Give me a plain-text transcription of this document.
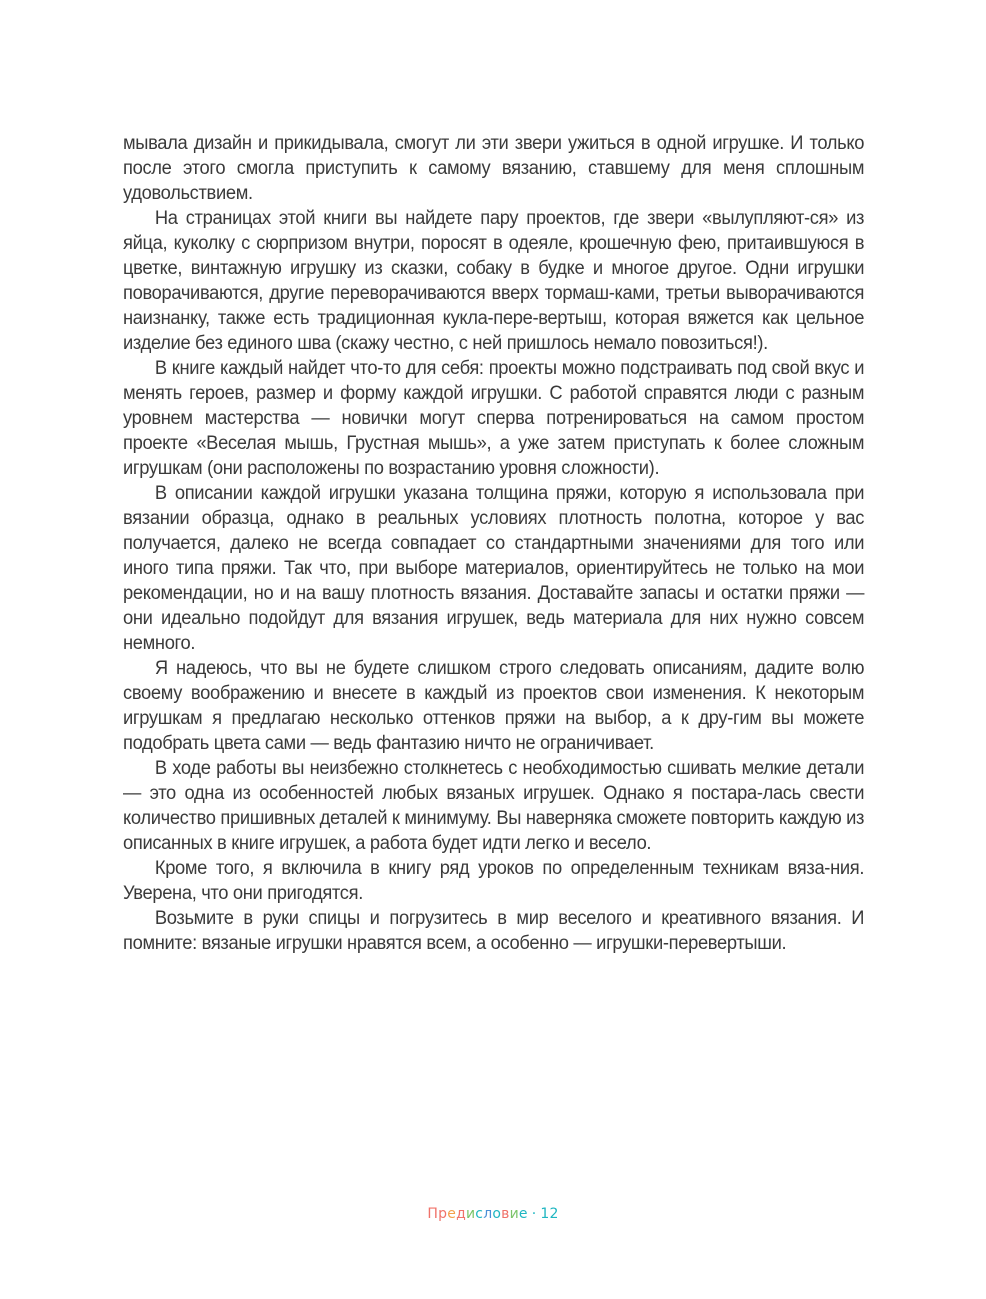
мывала дизайн и прикидывала, смогут ли эти звери ужиться в одной игрушке. И только после этого смогла приступить к самому вязанию, ставшему для меня сплошным удовольствием.

На страницах этой книги вы найдете пару проектов, где звери «вылупляют-ся» из яйца, куколку с сюрпризом внутри, поросят в одеяле, крошечную фею, притаившуюся в цветке, винтажную игрушку из сказки, собаку в будке и многое другое. Одни игрушки поворачиваются, другие переворачиваются вверх тормаш-ками, третьи выворачиваются наизнанку, также есть традиционная кукла-пере-вертыш, которая вяжется как цельное изделие без единого шва (скажу честно, с ней пришлось немало повозиться!).

В книге каждый найдет что-то для себя: проекты можно подстраивать под свой вкус и менять героев, размер и форму каждой игрушки. С работой справятся люди с разным уровнем мастерства — новички могут сперва потренироваться на самом простом проекте «Веселая мышь, Грустная мышь», а уже затем приступать к более сложным игрушкам (они расположены по возрастанию уровня сложности).

В описании каждой игрушки указана толщина пряжи, которую я использовала при вязании образца, однако в реальных условиях плотность полотна, которое у вас получается, далеко не всегда совпадает со стандартными значениями для того или иного типа пряжи. Так что, при выборе материалов, ориентируйтесь не только на мои рекомендации, но и на вашу плотность вязания. Доставайте запасы и остатки пряжи — они идеально подойдут для вязания игрушек, ведь материала для них нужно совсем немного.

Я надеюсь, что вы не будете слишком строго следовать описаниям, дадите волю своему воображению и внесете в каждый из проектов свои изменения. К некоторым игрушкам я предлагаю несколько оттенков пряжи на выбор, а к дру-гим вы можете подобрать цвета сами — ведь фантазию ничто не ограничивает.

В ходе работы вы неизбежно столкнетесь с необходимостью сшивать мелкие детали — это одна из особенностей любых вязаных игрушек. Однако я постара-лась свести количество пришивных деталей к минимуму. Вы наверняка сможете повторить каждую из описанных в книге игрушек, а работа будет идти легко и весело.

Кроме того, я включила в книгу ряд уроков по определенным техникам вяза-ния. Уверена, что они пригодятся.

Возьмите в руки спицы и погрузитесь в мир веселого и креативного вязания. И помните: вязаные игрушки нравятся всем, а особенно — игрушки-перевертыши.

Предисловие · 12
